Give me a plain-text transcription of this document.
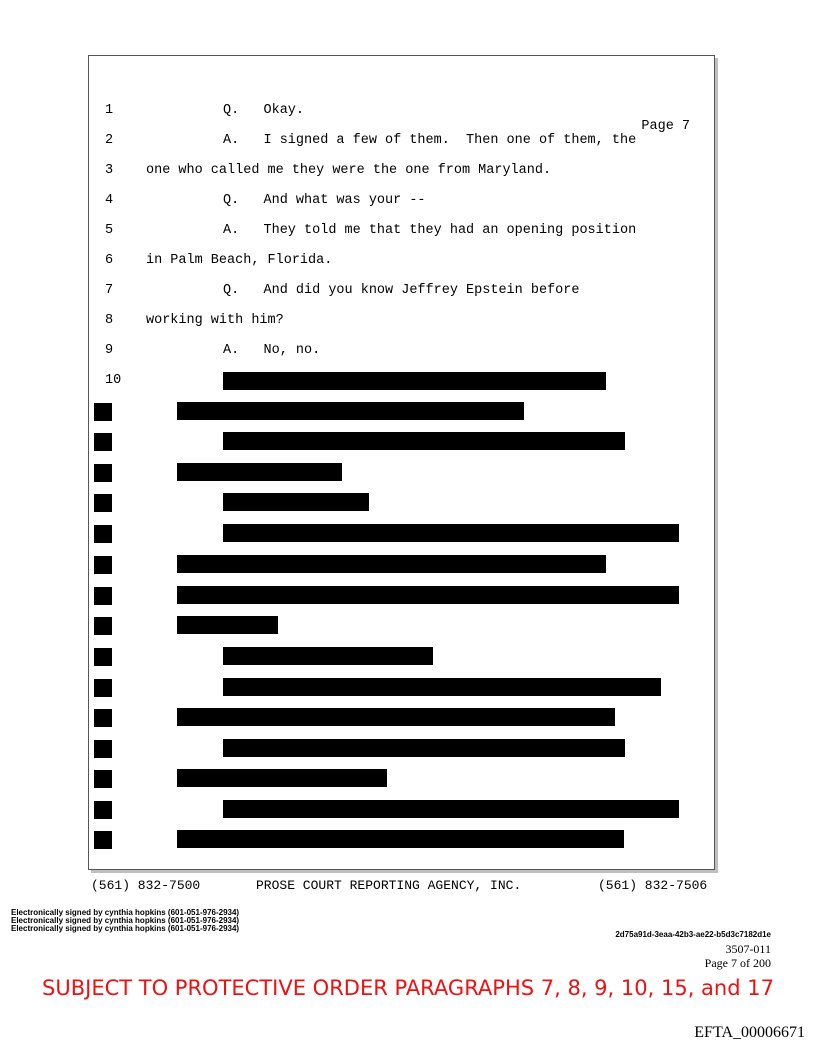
Page 7
1	Q.   Okay.
2	A.   I signed a few of them.  Then one of them, the
3 one who called me they were the one from Maryland.
4	Q.   And what was your --
5	A.   They told me that they had an opening position
6 in Palm Beach, Florida.
7	Q.   And did you know Jeffrey Epstein before
8 working with him?
9	A.   No, no.
10
(561) 832-7500	PROSE COURT REPORTING AGENCY, INC.	(561) 832-7506
Electronically signed by cynthia hopkins (601-051-976-2934)
Electronically signed by cynthia hopkins (601-051-976-2934)
Electronically signed by cynthia hopkins (601-051-976-2934)
2d75a91d-3eaa-42b3-ae22-b5d3c7182d1e
3507-011
Page 7 of 200
SUBJECT TO PROTECTIVE ORDER PARAGRAPHS 7, 8, 9, 10, 15, and 17
EFTA_00006671
